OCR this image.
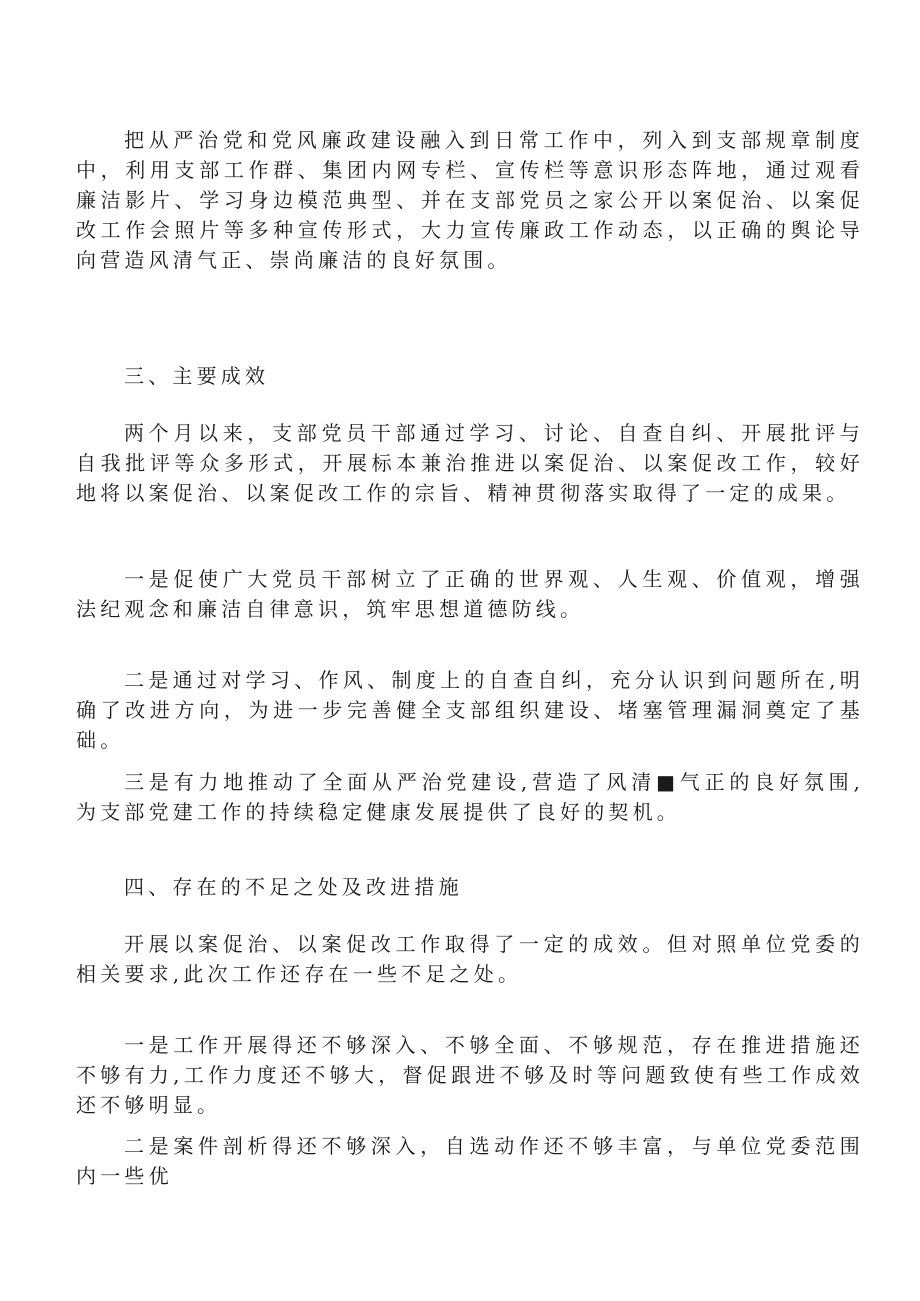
把从严治党和党风廉政建设融入到日常工作中，列入到支部规章制度中，利用支部工作群、集团内网专栏、宣传栏等意识形态阵地，通过观看廉洁影片、学习身边模范典型、并在支部党员之家公开以案促治、以案促改工作会照片等多种宣传形式，大力宣传廉政工作动态，以正确的舆论导向营造风清气正、崇尚廉洁的良好氛围。

三、主要成效

两个月以来，支部党员干部通过学习、讨论、自查自纠、开展批评与自我批评等众多形式，开展标本兼治推进以案促治、以案促改工作，较好地将以案促治、以案促改工作的宗旨、精神贯彻落实取得了一定的成果。

一是促使广大党员干部树立了正确的世界观、人生观、价值观，增强法纪观念和廉洁自律意识，筑牢思想道德防线。

二是通过对学习、作风、制度上的自查自纠，充分认识到问题所在,明确了改进方向，为进一步完善健全支部组织建设、堵塞管理漏洞奠定了基础。

三是有力地推动了全面从严治党建设,营造了风清■气正的良好氛围,为支部党建工作的持续稳定健康发展提供了良好的契机。

四、存在的不足之处及改进措施

开展以案促治、以案促改工作取得了一定的成效。但对照单位党委的相关要求,此次工作还存在一些不足之处。

一是工作开展得还不够深入、不够全面、不够规范，存在推进措施还不够有力,工作力度还不够大，督促跟进不够及时等问题致使有些工作成效还不够明显。

二是案件剖析得还不够深入，自选动作还不够丰富，与单位党委范围内一些优
